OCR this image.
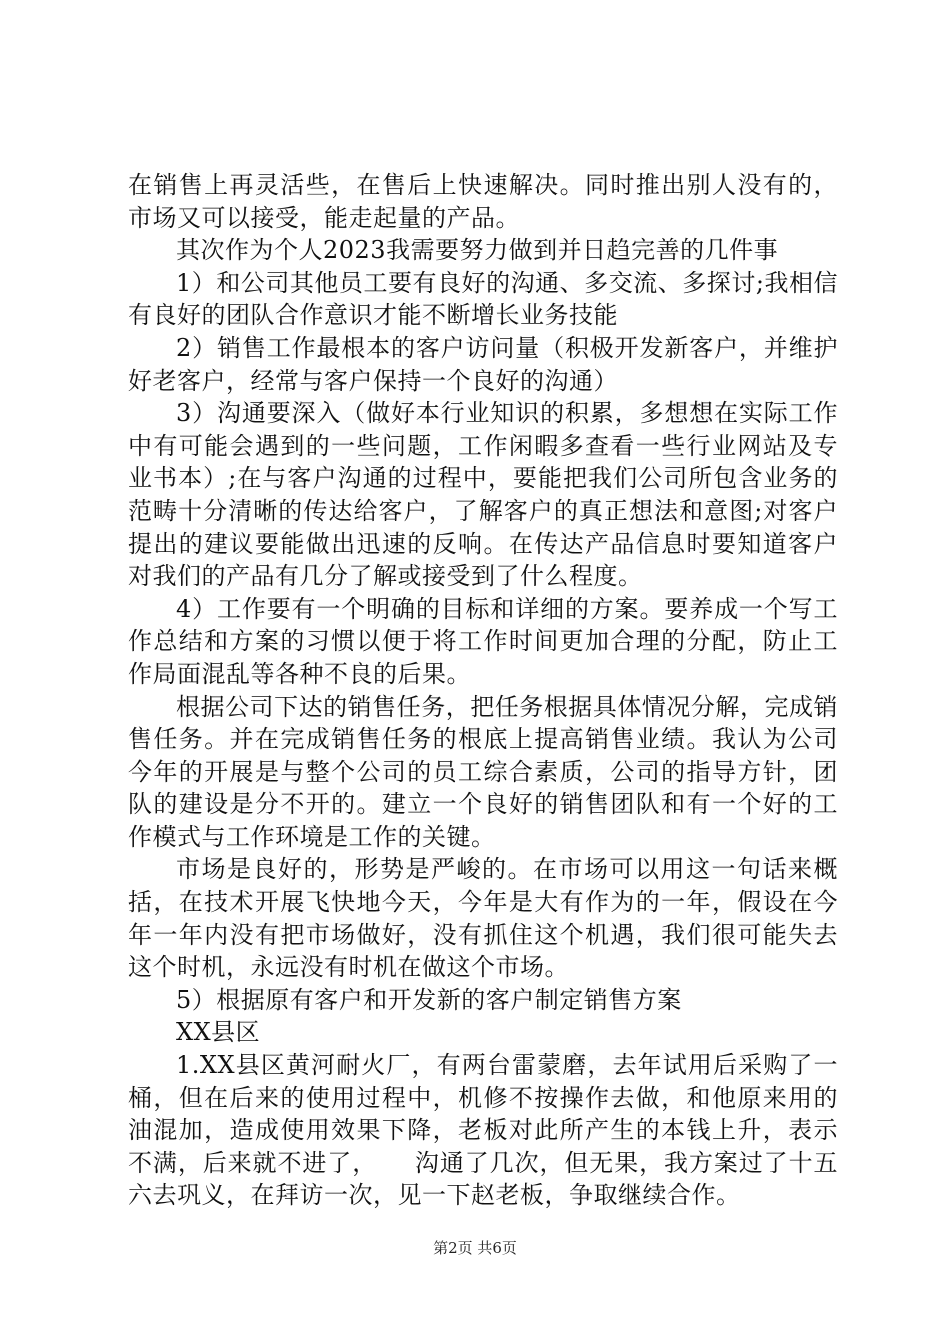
在销售上再灵活些，在售后上快速解决。同时推出别人没有的，市场又可以接受，能走起量的产品。

其次作为个人2023我需要努力做到并日趋完善的几件事

1）和公司其他员工要有良好的沟通、多交流、多探讨;我相信有良好的团队合作意识才能不断增长业务技能

2）销售工作最根本的客户访问量（积极开发新客户，并维护好老客户，经常与客户保持一个良好的沟通）

3）沟通要深入（做好本行业知识的积累，多想想在实际工作中有可能会遇到的一些问题，工作闲暇多查看一些行业网站及专业书本）;在与客户沟通的过程中，要能把我们公司所包含业务的范畴十分清晰的传达给客户，了解客户的真正想法和意图;对客户提出的建议要能做出迅速的反响。在传达产品信息时要知道客户对我们的产品有几分了解或接受到了什么程度。

4）工作要有一个明确的目标和详细的方案。要养成一个写工作总结和方案的习惯以便于将工作时间更加合理的分配，防止工作局面混乱等各种不良的后果。

根据公司下达的销售任务，把任务根据具体情况分解，完成销售任务。并在完成销售任务的根底上提高销售业绩。我认为公司今年的开展是与整个公司的员工综合素质，公司的指导方针，团队的建设是分不开的。建立一个良好的销售团队和有一个好的工作模式与工作环境是工作的关键。

市场是良好的，形势是严峻的。在市场可以用这一句话来概括，在技术开展飞快地今天，今年是大有作为的一年，假设在今年一年内没有把市场做好，没有抓住这个机遇，我们很可能失去这个时机，永远没有时机在做这个市场。

5）根据原有客户和开发新的客户制定销售方案

XX县区

1.XX县区黄河耐火厂，有两台雷蒙磨，去年试用后采购了一桶，但在后来的使用过程中，机修不按操作去做，和他原来用的油混加，造成使用效果下降，老板对此所产生的本钱上升，表示不满，后来就不进了，　　沟通了几次，但无果，我方案过了十五六去巩义，在拜访一次，见一下赵老板，争取继续合作。

第2页 共6页
